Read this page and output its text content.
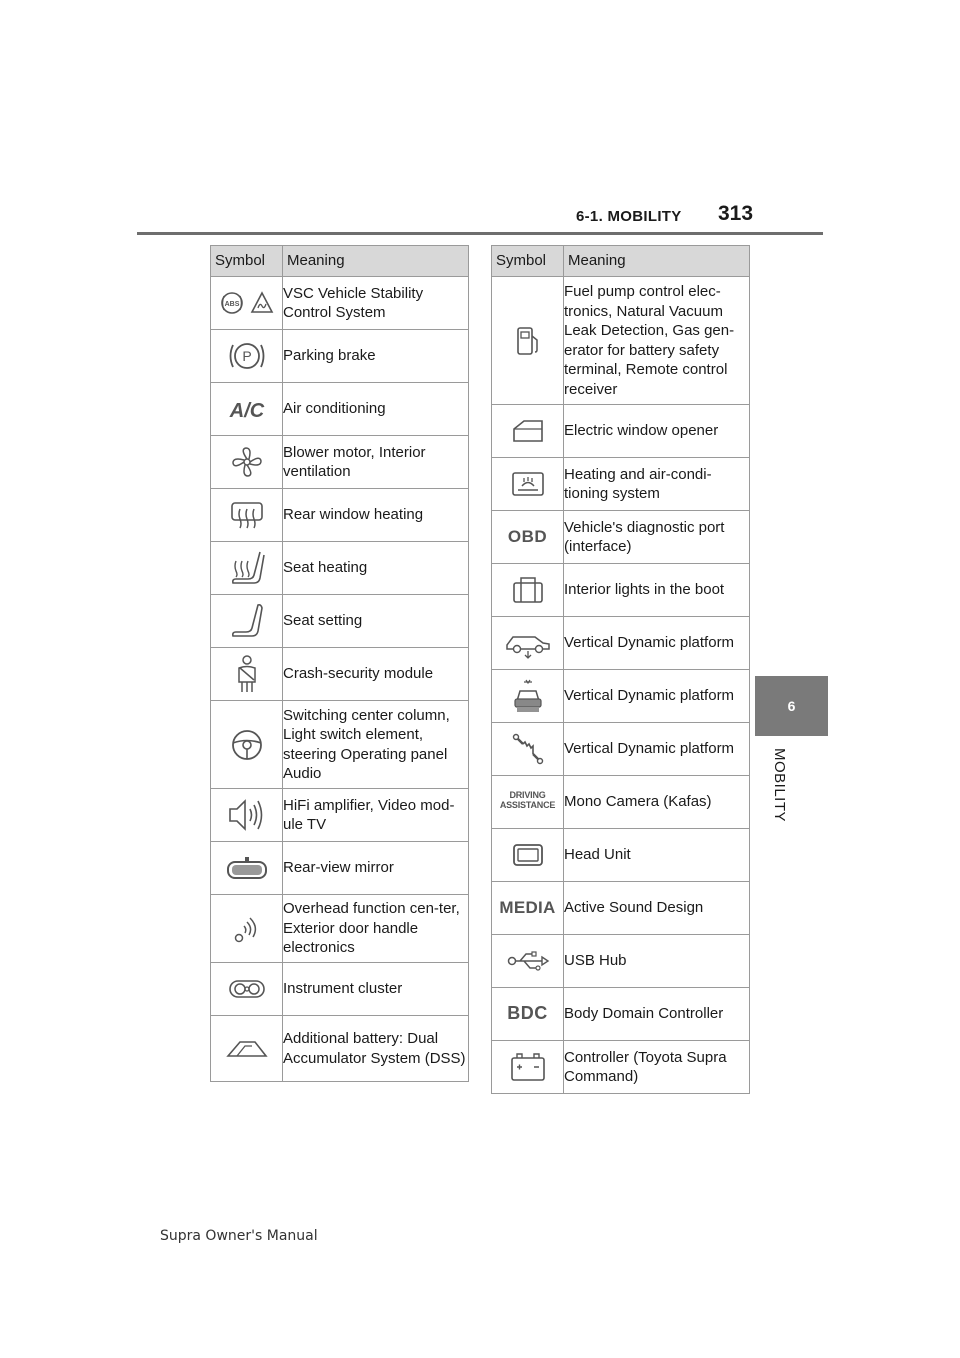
6-1. MOBILITY 313
6
MOBILITY
Symbol	Meaning

ABS	VSC Vehicle Stability Control System

P	Parking brake

A/C	Air conditioning

	Blower motor, Interior ventilation

	Rear window heating

	Seat heating

	Seat setting

	Crash-security module

	Switching center column, Light switch element, steering Operating panel Audio

	HiFi amplifier, Video mod-ule TV

	Rear-view mirror

	Overhead function cen-ter, Exterior door handle electronics

	Instrument cluster

	Additional battery: Dual Accumulator System (DSS)
Symbol	Meaning

	Fuel pump control elec-tronics, Natural Vacuum Leak Detection, Gas gen-erator for battery safety terminal, Remote control receiver

	Electric window opener

	Heating and air-condi-tioning system
OBD	Vehicle's diagnostic port (interface)

	Interior lights in the boot

	Vertical Dynamic platform

	Vertical Dynamic platform

	Vertical Dynamic platform
DRIVING ASSISTANCE	Mono Camera (Kafas)

	Head Unit
MEDIA	Active Sound Design

	USB Hub
BDC	Body Domain Controller

	Controller (Toyota Supra Command)
Supra Owner's Manual
